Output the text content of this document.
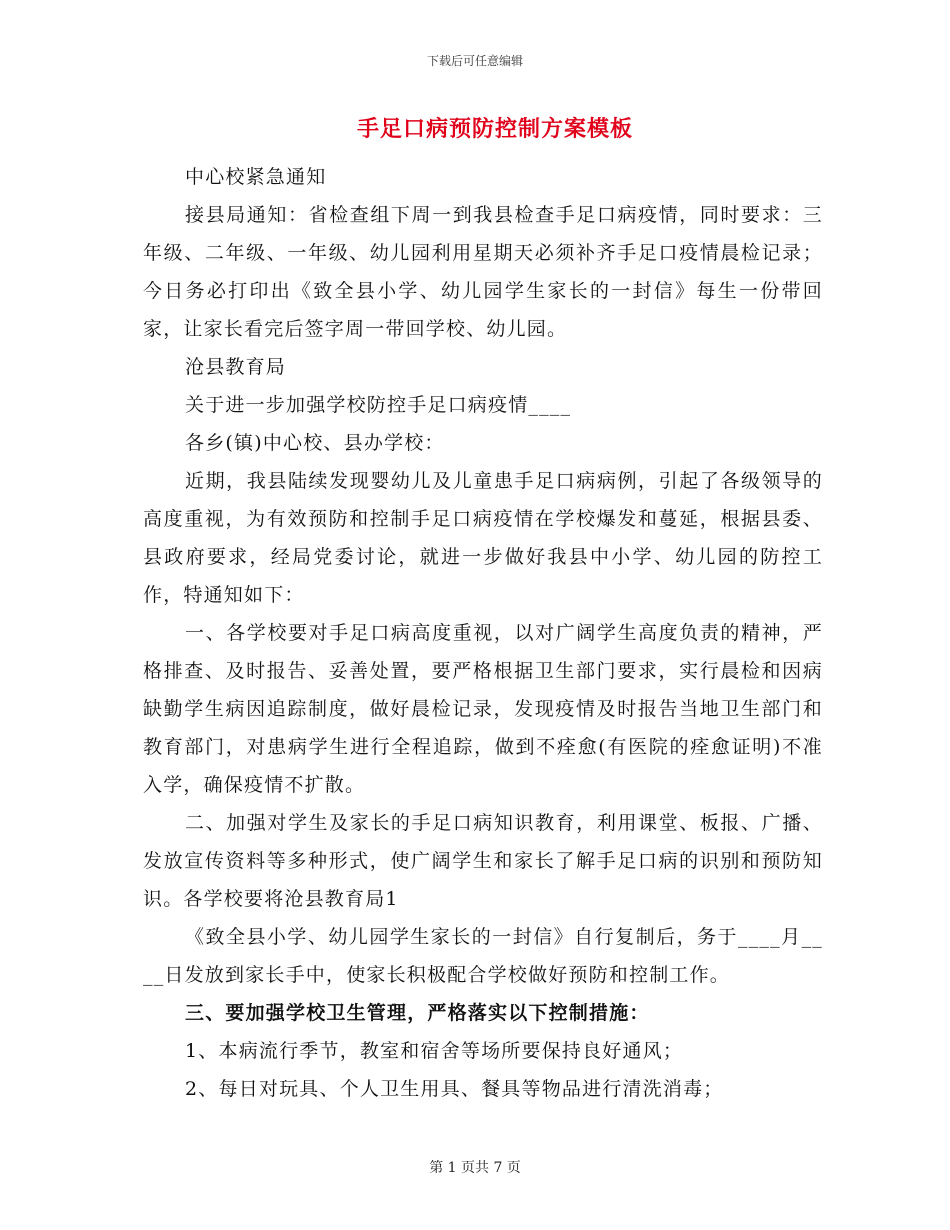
下载后可任意编辑
手足口病预防控制方案模板

中心校紧急通知

接县局通知：省检查组下周一到我县检查手足口病疫情，同时要求：三年级、二年级、一年级、幼儿园利用星期天必须补齐手足口疫情晨检记录；今日务必打印出《致全县小学、幼儿园学生家长的一封信》每生一份带回家，让家长看完后签字周一带回学校、幼儿园。

沧县教育局

关于进一步加强学校防控手足口病疫情____

各乡(镇)中心校、县办学校：

近期，我县陆续发现婴幼儿及儿童患手足口病病例，引起了各级领导的高度重视，为有效预防和控制手足口病疫情在学校爆发和蔓延，根据县委、县政府要求，经局党委讨论，就进一步做好我县中小学、幼儿园的防控工作，特通知如下：

一、各学校要对手足口病高度重视，以对广阔学生高度负责的精神，严格排查、及时报告、妥善处置，要严格根据卫生部门要求，实行晨检和因病缺勤学生病因追踪制度，做好晨检记录，发现疫情及时报告当地卫生部门和教育部门，对患病学生进行全程追踪，做到不痊愈(有医院的痊愈证明)不准入学，确保疫情不扩散。

二、加强对学生及家长的手足口病知识教育，利用课堂、板报、广播、发放宣传资料等多种形式，使广阔学生和家长了解手足口病的识别和预防知识。各学校要将沧县教育局1

《致全县小学、幼儿园学生家长的一封信》自行复制后，务于____月____日发放到家长手中，使家长积极配合学校做好预防和控制工作。

三、要加强学校卫生管理，严格落实以下控制措施：

1、本病流行季节，教室和宿舍等场所要保持良好通风；

2、每日对玩具、个人卫生用具、餐具等物品进行清洗消毒；

第 1 页共 7 页
